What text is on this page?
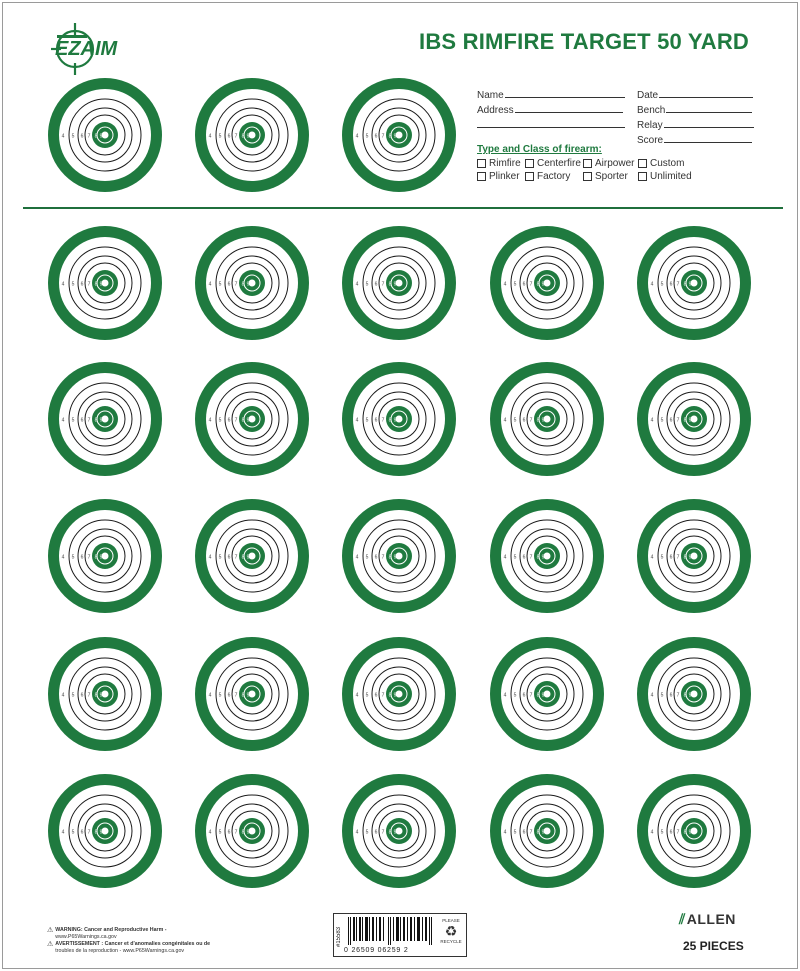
EZAIM	IBS RIMFIRE TARGET 50 YARD
Name
Address
Date
Bench
Relay
Score
Type and Class of firearm:
Rimfire Centerfire Airpower Custom
Plinker Factory Sporter Unlimited
4 5 6 7 8 9	4 5 6 7 8 9	4 5 6 7 8 9
4 5 6 7 8 9	4 5 6 7 8 9	4 5 6 7 8 9	4 5 6 7 8 9	4 5 6 7 8 9
4 5 6 7 8 9	4 5 6 7 8 9	4 5 6 7 8 9	4 5 6 7 8 9	4 5 6 7 8 9
4 5 6 7 8 9	4 5 6 7 8 9	4 5 6 7 8 9	4 5 6 7 8 9	4 5 6 7 8 9
4 5 6 7 8 9	4 5 6 7 8 9	4 5 6 7 8 9	4 5 6 7 8 9	4 5 6 7 8 9
4 5 6 7 8 9	4 5 6 7 8 9	4 5 6 7 8 9	4 5 6 7 8 9	4 5 6 7 8 9
⚠ WARNING: Cancer and Reproductive Harm -
www.P65Warnings.ca.gov
⚠ AVERTISSEMENT : Cancer et d'anomalies congénitales ou de
troubles de la reproduction - www.P65Warnings.ca.gov
#15583
0 26509 06259 2
PLEASE
♻
RECYCLE
⫽ALLEN
25 PIECES
